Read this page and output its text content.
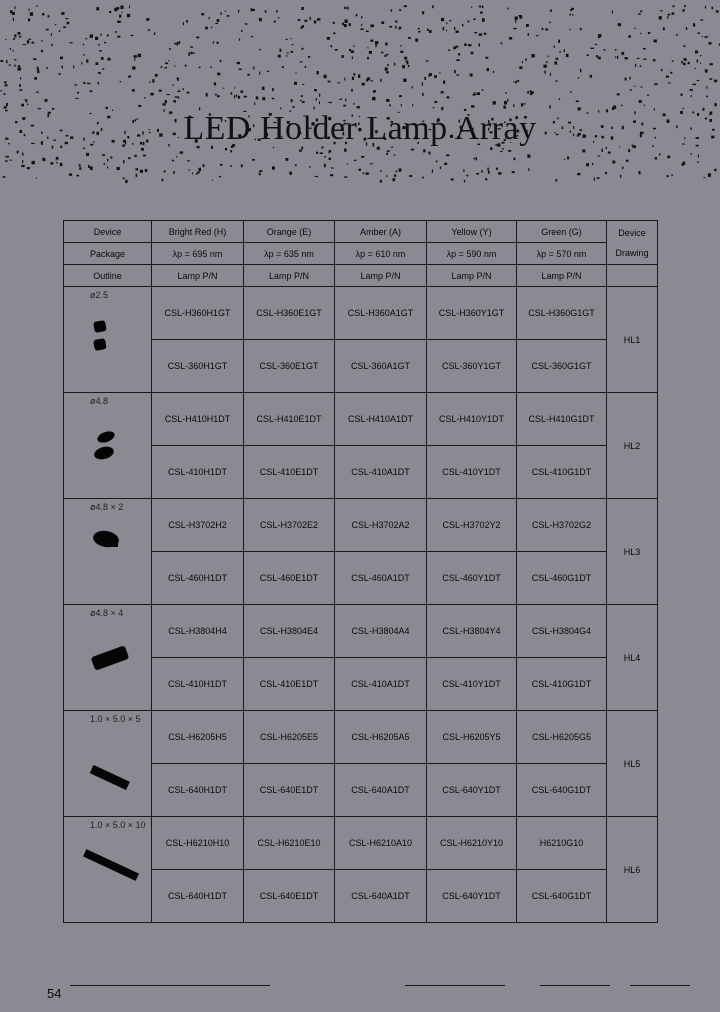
LED Holder Lamp Array
Device	Bright Red (H)	Orange (E)	Amber (A)	Yellow (Y)	Green (G)	Device
Drawing

Package	λp = 695 nm	λp = 635 nm	λp = 610 nm	λp = 590 nm	λp = 570 nm	
Outline	Lamp P/N	Lamp P/N	Lamp P/N	Lamp P/N	Lamp P/N	

ø2.5	CSL-H360H1GT	CSL-H360E1GT	CSL-H360A1GT	CSL-H360Y1GT	CSL-H360G1GT	HL1
	CSL-360H1GT	CSL-360E1GT	CSL-360A1GT	CSL-360Y1GT	CSL-360G1GT	

ø4.8	CSL-H410H1DT	CSL-H410E1DT	CSL-H410A1DT	CSL-H410Y1DT	CSL-H410G1DT	HL2
	CSL-410H1DT	CSL-410E1DT	CSL-410A1DT	CSL-410Y1DT	CSL-410G1DT	

ø4.8 × 2	CSL-H3702H2	CSL-H3702E2	CSL-H3702A2	CSL-H3702Y2	CSL-H3702G2	HL3
	CSL-460H1DT	CSL-460E1DT	CSL-460A1DT	CSL-460Y1DT	CSL-460G1DT	

ø4.8 × 4	CSL-H3804H4	CSL-H3804E4	CSL-H3804A4	CSL-H3804Y4	CSL-H3804G4	HL4
	CSL-410H1DT	CSL-410E1DT	CSL-410A1DT	CSL-410Y1DT	CSL-410G1DT	

1.0 × 5.0 × 5	CSL-H6205H5	CSL-H6205E5	CSL-H6205A5	CSL-H6205Y5	CSL-H6205G5	HL5
	CSL-640H1DT	CSL-640E1DT	CSL-640A1DT	CSL-640Y1DT	CSL-640G1DT	

1.0 × 5.0 × 10	CSL-H6210H10	CSL-H6210E10	CSL-H6210A10	CSL-H6210Y10	H6210G10	HL6
	CSL-640H1DT	CSL-640E1DT	CSL-640A1DT	CSL-640Y1DT	CSL-640G1DT	
54
